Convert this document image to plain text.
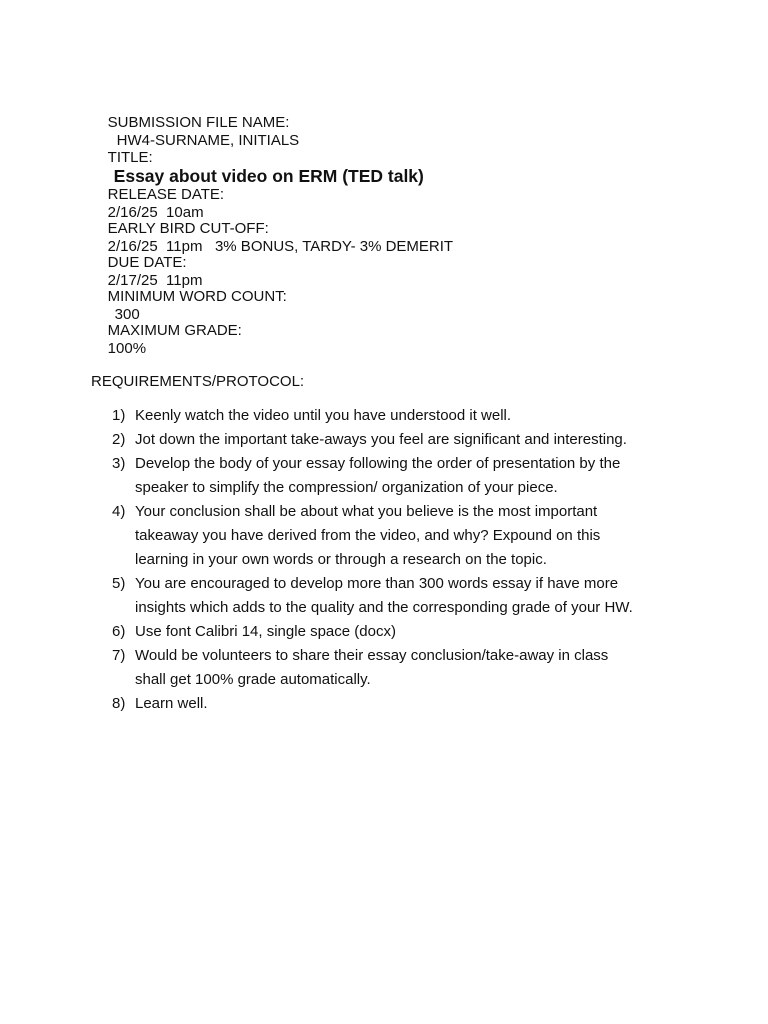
SUBMISSION FILE NAME:
HW4-SURNAME, INITIALS

TITLE:
Essay about video on ERM (TED talk)

RELEASE DATE:
2/16/25  10am

EARLY BIRD CUT-OFF:
2/16/25  11pm   3% BONUS, TARDY- 3% DEMERIT

DUE DATE:
2/17/25  11pm

MINIMUM WORD COUNT:
300

MAXIMUM GRADE:
100%

REQUIREMENTS/PROTOCOL:
1) Keenly watch the video until you have understood it well.
2) Jot down the important take-aways you feel are significant and interesting.
3) Develop the body of your essay following the order of presentation by the
speaker to simplify the compression/ organization of your piece.
4) Your conclusion shall be about what you believe is the most important
takeaway you have derived from the video, and why? Expound on this
learning in your own words or through a research on the topic.
5) You are encouraged to develop more than 300 words essay if have more
insights which adds to the quality and the corresponding grade of your HW.
6) Use font Calibri 14, single space (docx)
7) Would be volunteers to share their essay conclusion/take-away in class
shall get 100% grade automatically.
8) Learn well.
